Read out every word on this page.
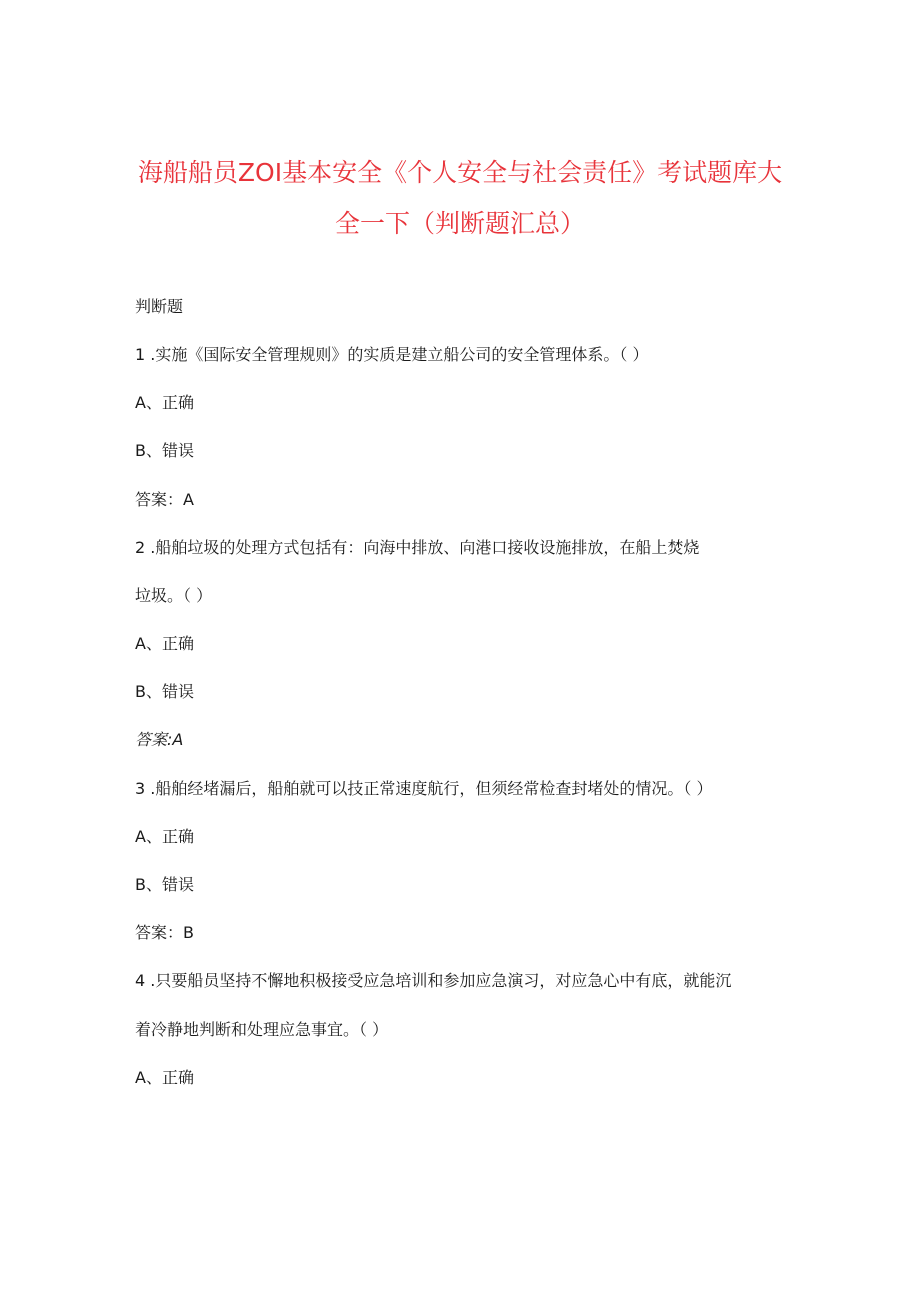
海船船员ZOI基本安全《个人安全与社会责任》考试题库大
全一下（判断题汇总）
判断题
1 .实施《国际安全管理规则》的实质是建立船公司的安全管理体系。（ ）
A、正确
B、错误
答案：A
2 .船舶垃圾的处理方式包括有：向海中排放、向港口接收设施排放，在船上焚烧
垃圾。（ ）
A、正确
B、错误
答案:A
3 .船舶经堵漏后，船舶就可以技正常速度航行，但须经常检查封堵处的情况。（ ）
A、正确
B、错误
答案：B
4 .只要船员坚持不懈地积极接受应急培训和参加应急演习，对应急心中有底，就能沉
着冷静地判断和处理应急事宜。（ ）
A、正确
